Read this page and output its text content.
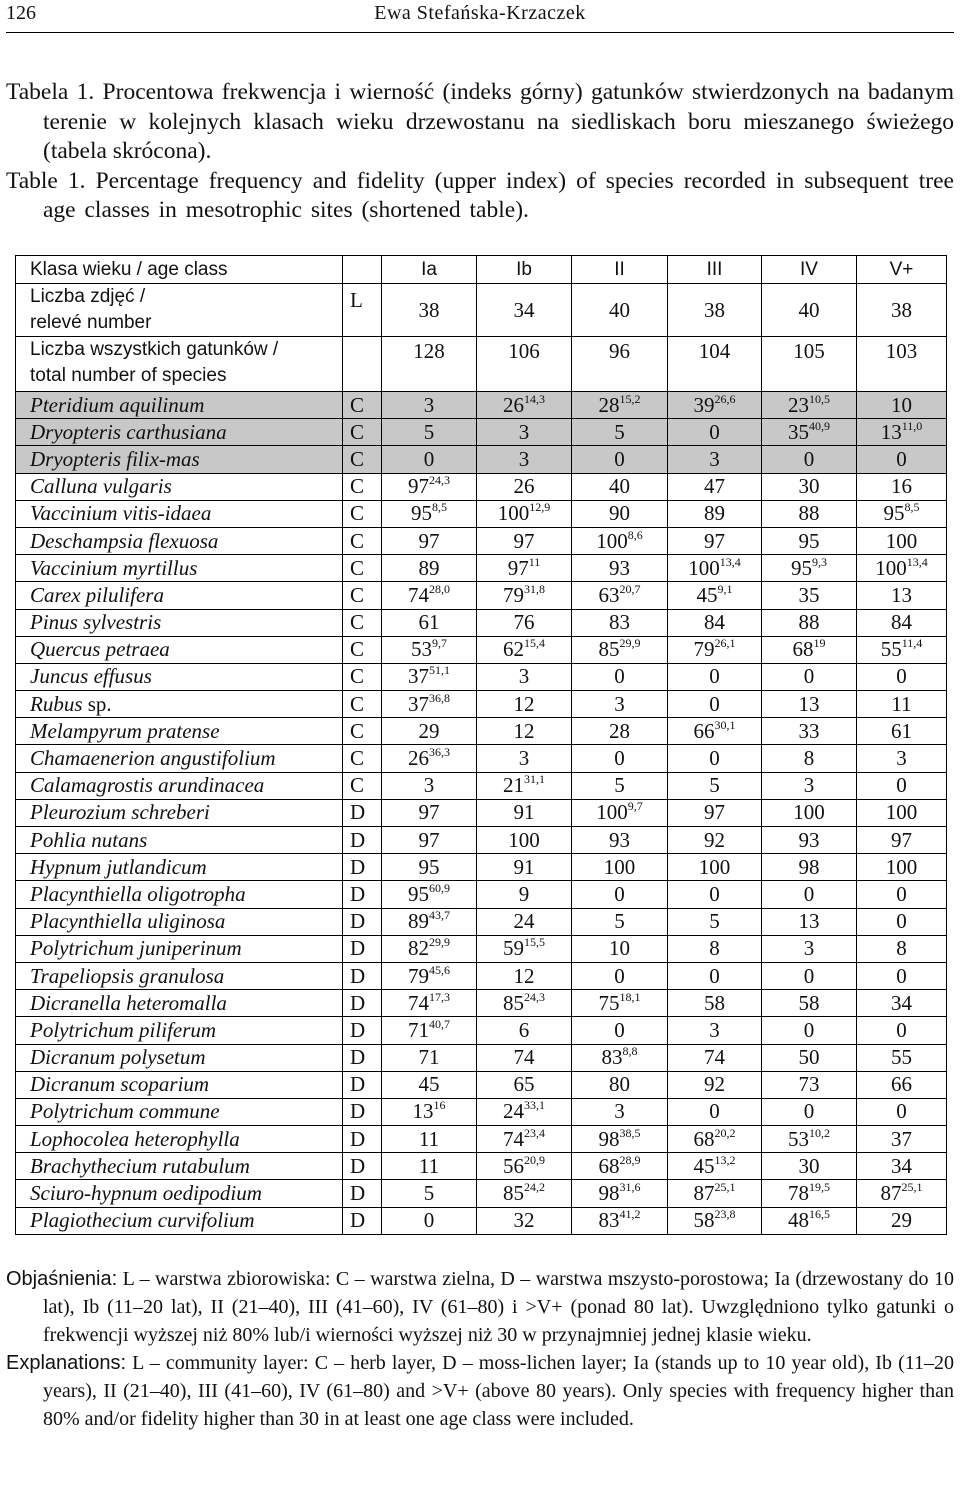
126	Ewa Stefańska-Krzaczek
Tabela 1. Procentowa frekwencja i wierność (indeks górny) gatunków stwierdzonych na badanym terenie w kolejnych klasach wieku drzewostanu na siedliskach boru mieszanego świeżego (tabela skrócona).
Table 1. Percentage frequency and fidelity (upper index) of species recorded in subsequent tree age classes in mesotrophic sites (shortened table).
Klasa wieku / age class		Ia	Ib	II	III	IV	V+
Liczba zdjęć /
relevé number	L	38	34	40	38	40	38
Liczba wszystkich gatunków /
total number of species		128	106	96	104	105	103
Pteridium aquilinum	C	3	26$^{14,3}$	28$^{15,2}$	39$^{26,6}$	23$^{10,5}$	10
Dryopteris carthusiana	C	5	3	5	0	35$^{40,9}$	13$^{11,0}$
Dryopteris filix-mas	C	0	3	0	3	0	0
Calluna vulgaris	C	97$^{24,3}$	26	40	47	30	16
Vaccinium vitis-idaea	C	95$^{8,5}$	100$^{12,9}$	90	89	88	95$^{8,5}$
Deschampsia flexuosa	C	97	97	100$^{8,6}$	97	95	100
Vaccinium myrtillus	C	89	$97^{11}$	93	100$^{13,4}$	95$^{9,3}$	100$^{13,4}$
Carex pilulifera	C	74$^{28,0}$	79$^{31,8}$	63$^{20,7}$	45$^{9,1}$	35	13
Pinus sylvestris	C	61	76	83	84	88	84
Quercus petraea	C	53$^{9,7}$	62$^{15,4}$	85$^{29,9}$	79$^{26,1}$	$68^{19}$	55$^{11,4}$
Juncus effusus	C	37$^{51,1}$	3	0	0	0	0
Rubus sp.	C	37$^{36,8}$	12	3	0	13	11
Melampyrum pratense	C	29	12	28	66$^{30,1}$	33	61
Chamaenerion angustifolium	C	26$^{36,3}$	3	0	0	8	3
Calamagrostis arundinacea	C	3	21$^{31,1}$	5	5	3	0
Pleurozium schreberi	D	97	91	100$^{9,7}$	97	100	100
Pohlia nutans	D	97	100	93	92	93	97
Hypnum jutlandicum	D	95	91	100	100	98	100
Placynthiella oligotropha	D	95$^{60,9}$	9	0	0	0	0
Placynthiella uliginosa	D	89$^{43,7}$	24	5	5	13	0
Polytrichum juniperinum	D	82$^{29,9}$	59$^{15,5}$	10	8	3	8
Trapeliopsis granulosa	D	79$^{45,6}$	12	0	0	0	0
Dicranella heteromalla	D	74$^{17,3}$	85$^{24,3}$	75$^{18,1}$	58	58	34
Polytrichum piliferum	D	71$^{40,7}$	6	0	3	0	0
Dicranum polysetum	D	71	74	83$^{8,8}$	74	50	55
Dicranum scoparium	D	45	65	80	92	73	66
Polytrichum commune	D	$13^{16}$	24$^{33,1}$	3	0	0	0
Lophocolea heterophylla	D	11	74$^{23,4}$	98$^{38,5}$	68$^{20,2}$	53$^{10,2}$	37
Brachythecium rutabulum	D	11	56$^{20,9}$	68$^{28,9}$	45$^{13,2}$	30	34
Sciuro-hypnum oedipodium	D	5	85$^{24,2}$	98$^{31,6}$	87$^{25,1}$	78$^{19,5}$	87$^{25,1}$
Plagiothecium curvifolium	D	0	32	83$^{41,2}$	58$^{23,8}$	48$^{16,5}$	29
Objaśnienia: L – warstwa zbiorowiska: C – warstwa zielna, D – warstwa mszysto-porostowa; Ia (drzewostany do 10 lat), Ib (11–20 lat), II (21–40), III (41–60), IV (61–80) i >V+ (ponad 80 lat). Uwzględniono tylko gatunki o frekwencji wyższej niż 80% lub/i wierności wyższej niż 30 w przynajmniej jednej klasie wieku.
Explanations: L – community layer: C – herb layer, D – moss-lichen layer; Ia (stands up to 10 year old), Ib (11–20 years), II (21–40), III (41–60), IV (61–80) and >V+ (above 80 years). Only species with frequency higher than 80% and/or fidelity higher than 30 in at least one age class were included.
